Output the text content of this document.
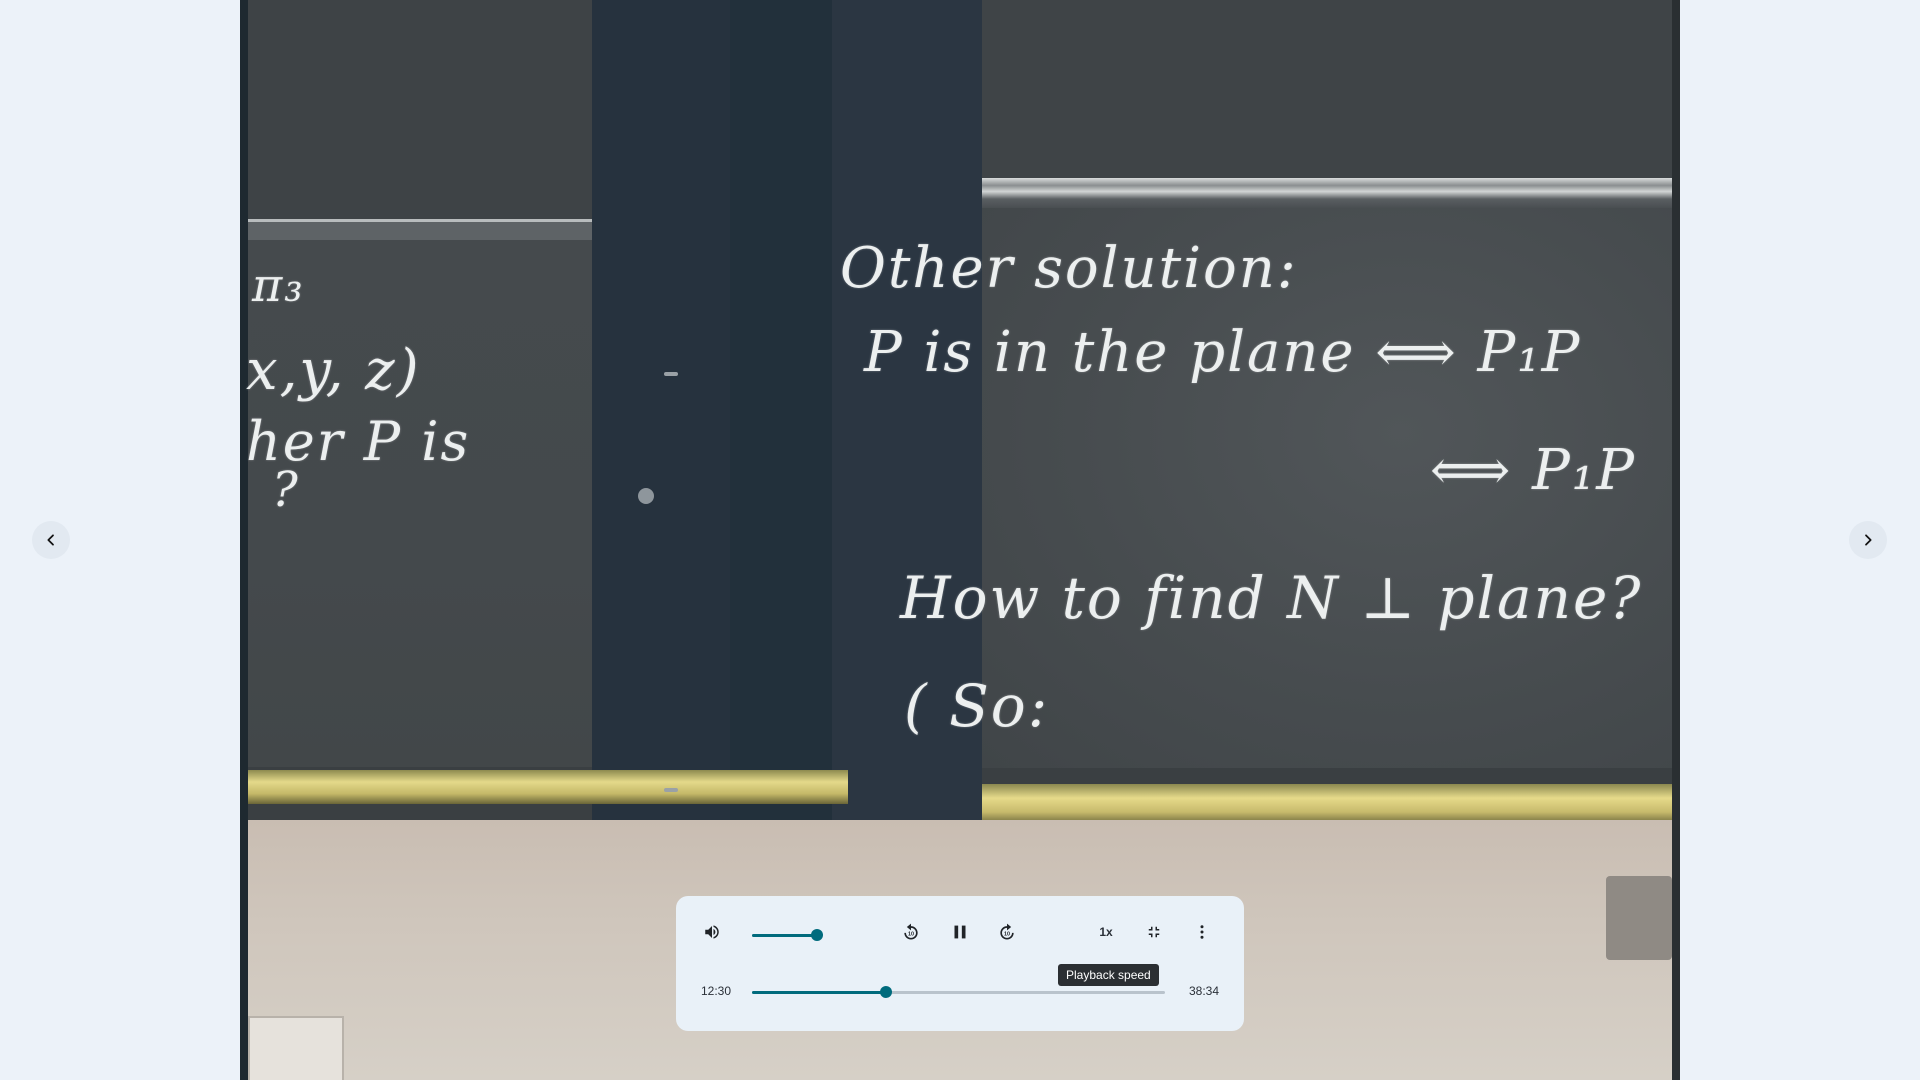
π₃
x,y, z)
her P is
?
Other solution:
P is in the plane ⟺ P₁P
⟺ P₁P
How to find N ⊥ plane?
( So:
10	10	1x
Playback speed
12:30	38:34
